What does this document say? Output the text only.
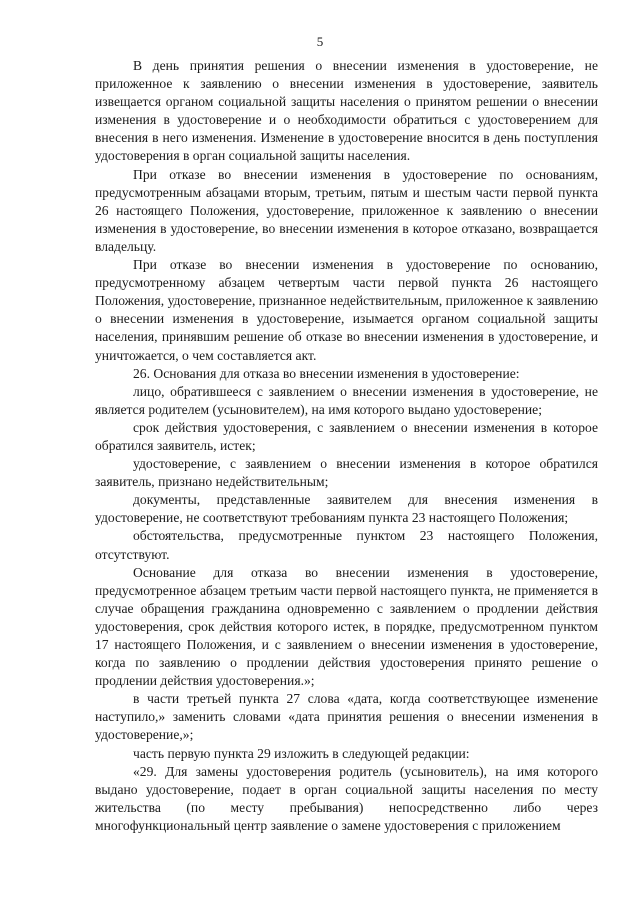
5

В день принятия решения о внесении изменения в удостоверение, не приложенное к заявлению о внесении изменения в удостоверение, заявитель извещается органом социальной защиты населения о принятом решении о внесении изменения в удостоверение и о необходимости обратиться с удостоверением для внесения в него изменения. Изменение в удостоверение вносится в день поступления удостоверения в орган социальной защиты населения.

При отказе во внесении изменения в удостоверение по основаниям, предусмотренным абзацами вторым, третьим, пятым и шестым части первой пункта 26 настоящего Положения, удостоверение, приложенное к заявлению о внесении изменения в удостоверение, во внесении изменения в которое отказано, возвращается владельцу.

При отказе во внесении изменения в удостоверение по основанию, предусмотренному абзацем четвертым части первой пункта 26 настоящего Положения, удостоверение, признанное недействительным, приложенное к заявлению о внесении изменения в удостоверение, изымается органом социальной защиты населения, принявшим решение об отказе во внесении изменения в удостоверение, и уничтожается, о чем составляется акт.

26. Основания для отказа во внесении изменения в удостоверение:

лицо, обратившееся с заявлением о внесении изменения в удостоверение, не является родителем (усыновителем), на имя которого выдано удостоверение;

срок действия удостоверения, с заявлением о внесении изменения в которое обратился заявитель, истек;

удостоверение, с заявлением о внесении изменения в которое обратился заявитель, признано недействительным;

документы, представленные заявителем для внесения изменения в удостоверение, не соответствуют требованиям пункта 23 настоящего Положения;

обстоятельства, предусмотренные пунктом 23 настоящего Положения, отсутствуют.

Основание для отказа во внесении изменения в удостоверение, предусмотренное абзацем третьим части первой настоящего пункта, не применяется в случае обращения гражданина одновременно с заявлением о продлении действия удостоверения, срок действия которого истек, в порядке, предусмотренном пунктом 17 настоящего Положения, и с заявлением о внесении изменения в удостоверение, когда по заявлению о продлении действия удостоверения принято решение о продлении действия удостоверения.»;

в части третьей пункта 27 слова «дата, когда соответствующее изменение наступило,» заменить словами «дата принятия решения о внесении изменения в удостоверение,»;

часть первую пункта 29 изложить в следующей редакции:

«29. Для замены удостоверения родитель (усыновитель), на имя которого выдано удостоверение, подает в орган социальной защиты населения по месту жительства (по месту пребывания) непосредственно либо через многофункциональный центр заявление о замене удостоверения с приложением
